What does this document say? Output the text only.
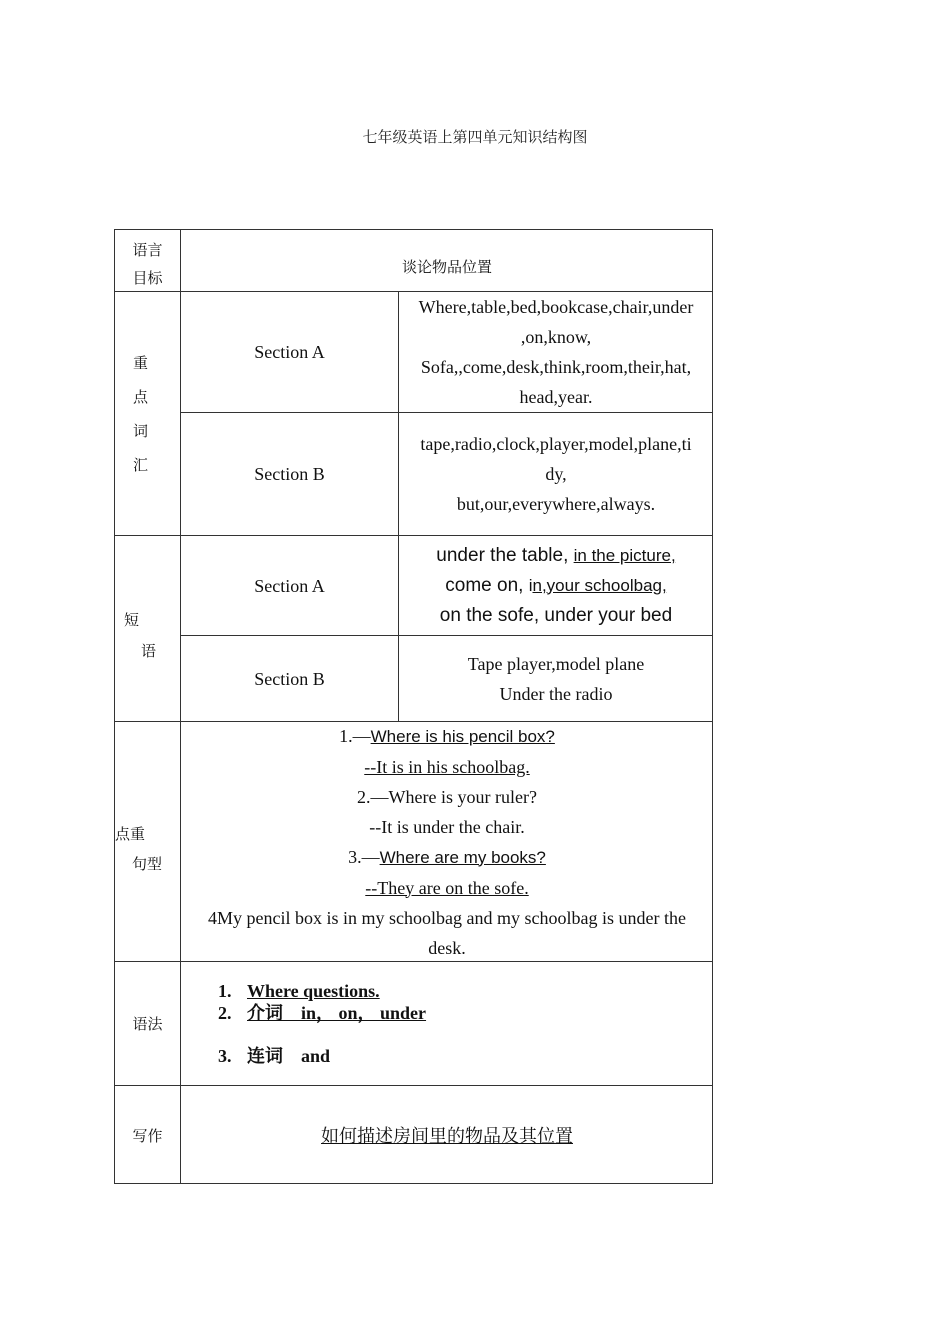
七年级英语上第四单元知识结构图
语言
目标
谈论物品位置
重
点
词
汇
Section A
Where,table,bed,bookcase,chair,under
,on,know,
Sofa,,come,desk,think,room,their,hat,
head,year.
Section B
tape,radio,clock,player,model,plane,ti
dy,
but,our,everywhere,always.
短
语
Section A
under the table, in the picture,
come on, in,your schoolbag,
on the sofe, under your bed
Section B
Tape player,model plane
Under the radio
点重
句型
1.—Where is his pencil box?
--It is in his schoolbag.
2.—Where is your ruler?
--It is under the chair.
3.—Where are my books?
--They are on the sofe.
4My pencil box is in my schoolbag and my schoolbag is under the
desk.
语法
1. Where questions.
2. 介词　in， on， under
3. 连词　and
写作	如何描述房间里的物品及其位置
